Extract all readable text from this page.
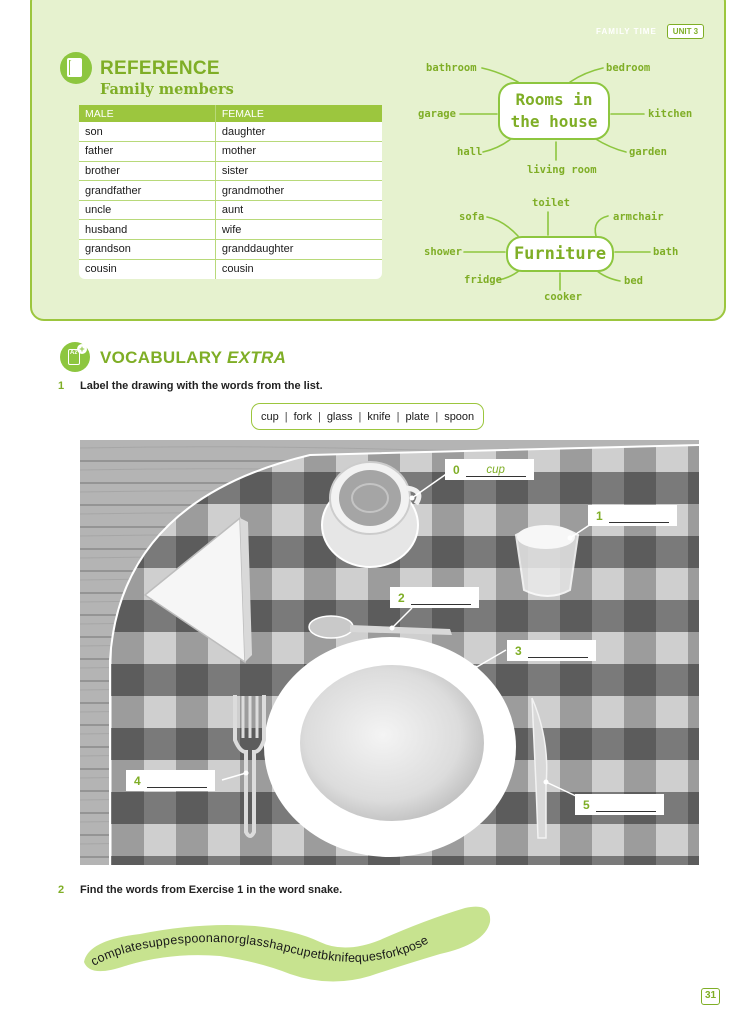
FAMILY TIME	UNIT 3
REFERENCE
Family members
MALE	FEMALE
son	daughter
father	mother
brother	sister
grandfather	grandmother
uncle	aunt
husband	wife
grandson	granddaughter
cousin	cousin
bathroom	bedroom
garage	kitchen
hall	garden
living room
Rooms in
the house
toilet
sofa	armchair
shower	bath
fridge	bed
cooker
Furniture
Az + VOCABULARY EXTRA
1 Label the drawing with the words from the list.
cup | fork | glass | knife | plate | spoon
0	cup
1
2
3
4
5
2 Find the words from Exercise 1 in the word snake.
complatesuppespoonanorglasshapcupetbknifequesforkpose
31
